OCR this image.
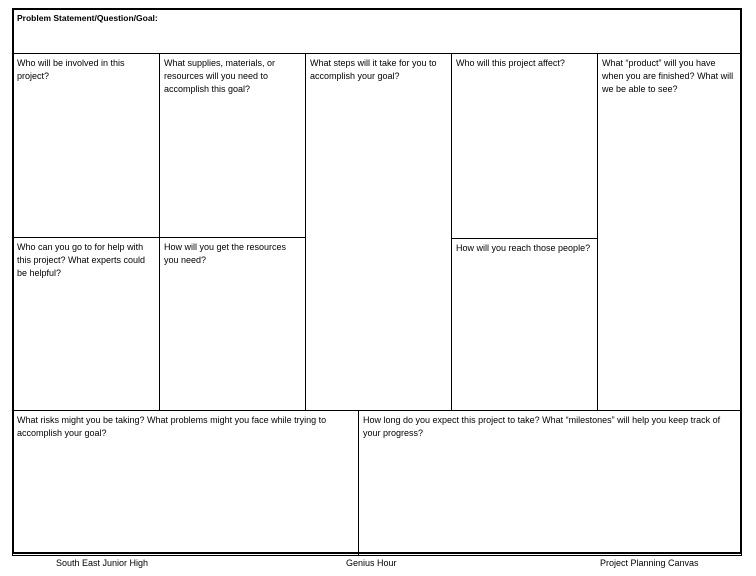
Problem Statement/Question/Goal:
Who will be involved in this project?
Who can you go to for help with this project? What experts could be helpful?
What supplies, materials, or resources will you need to accomplish this goal?
How will you get the resources you need?
What steps will it take for you to accomplish your goal?
Who will this project affect?
How will you reach those people?
What “product” will you have when you are finished? What will we be able to see?
What risks might you be taking? What problems might you face while trying to accomplish your goal?
How long do you expect this project to take? What “milestones” will help you keep track of your progress?
South East Junior High	Genius Hour	Project Planning Canvas
